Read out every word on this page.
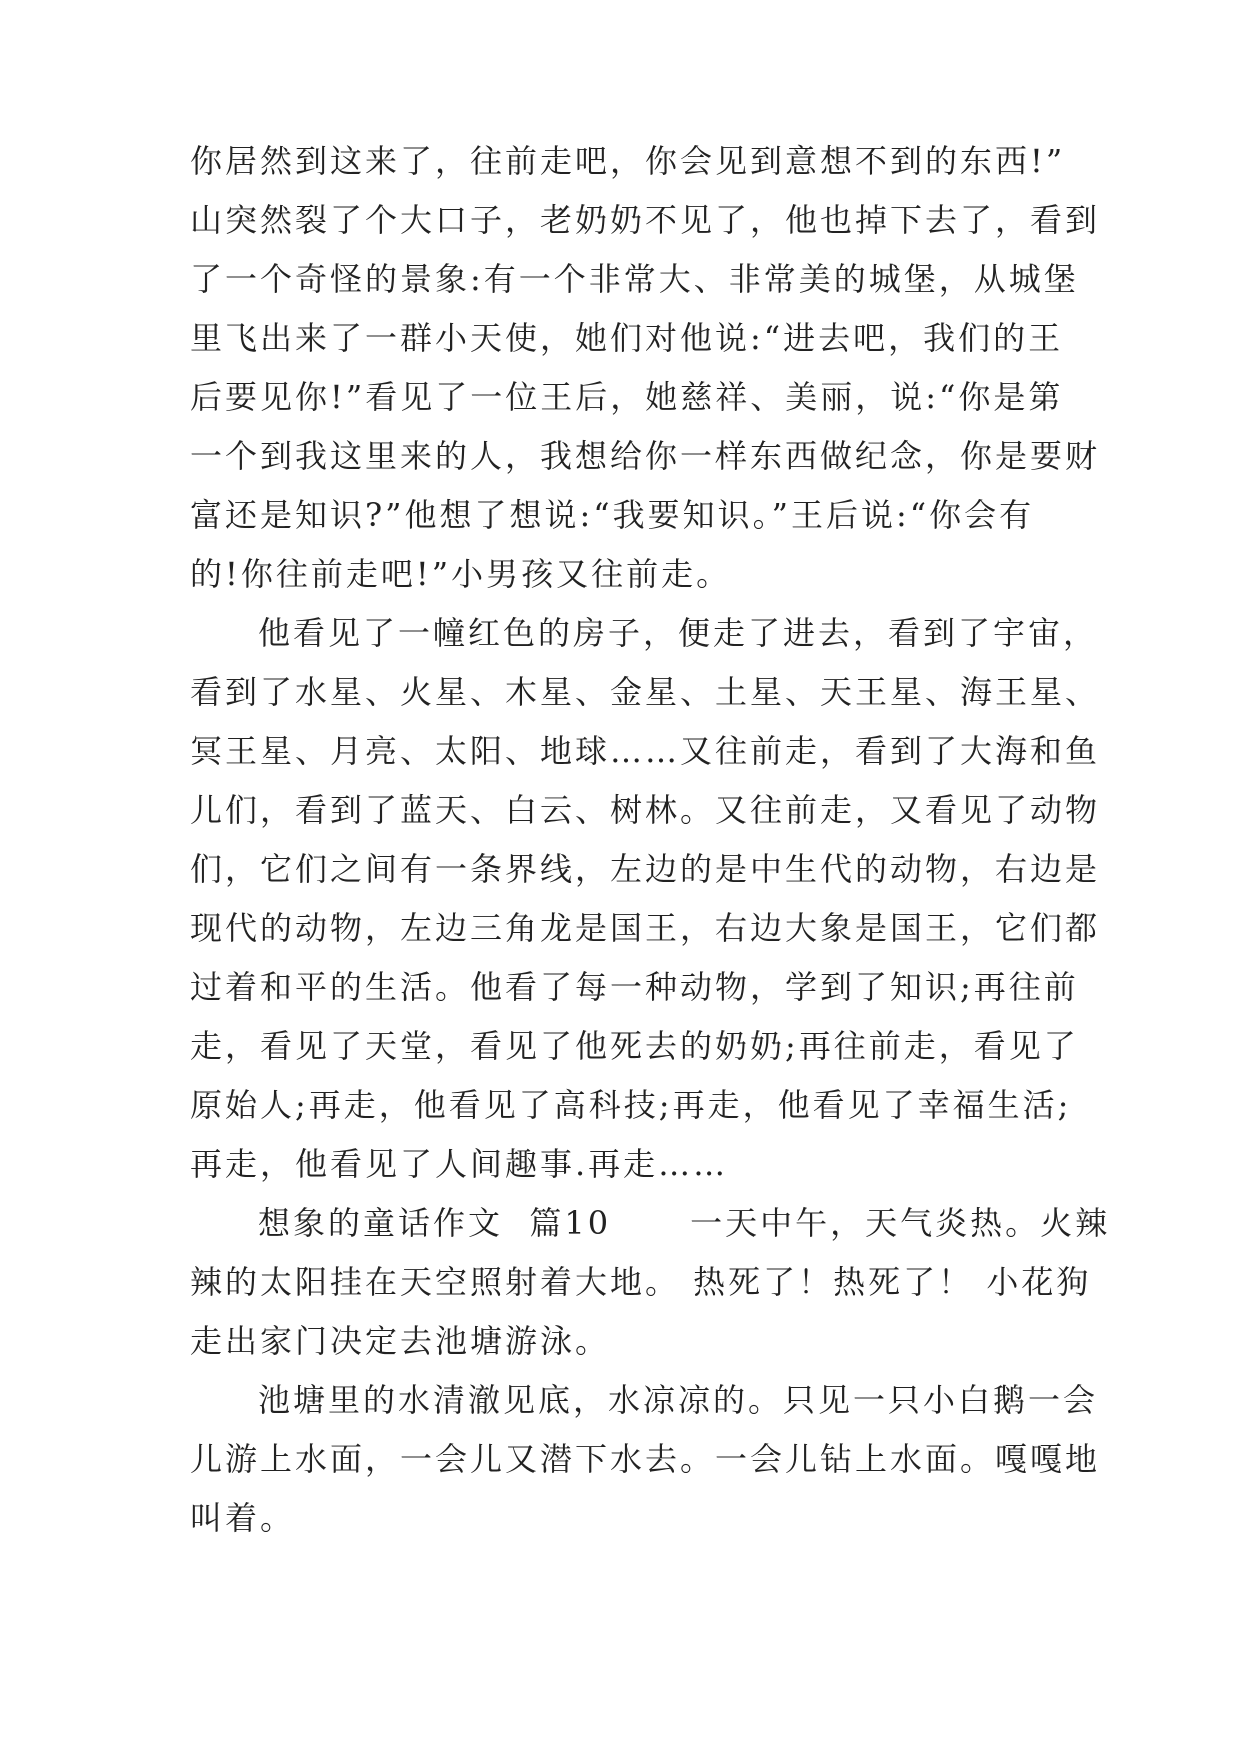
你居然到这来了，往前走吧，你会见到意想不到的东西!”
山突然裂了个大口子，老奶奶不见了，他也掉下去了，看到
了一个奇怪的景象:有一个非常大、非常美的城堡，从城堡
里飞出来了一群小天使，她们对他说:“进去吧，我们的王
后要见你!”看见了一位王后，她慈祥、美丽，说:“你是第
一个到我这里来的人，我想给你一样东西做纪念，你是要财
富还是知识?”他想了想说:“我要知识。”王后说:“你会有
的!你往前走吧!”小男孩又往前走。
他看见了一幢红色的房子，便走了进去，看到了宇宙，
看到了水星、火星、木星、金星、土星、天王星、海王星、
冥王星、月亮、太阳、地球……又往前走，看到了大海和鱼
儿们，看到了蓝天、白云、树林。又往前走，又看见了动物
们，它们之间有一条界线，左边的是中生代的动物，右边是
现代的动物，左边三角龙是国王，右边大象是国王，它们都
过着和平的生活。他看了每一种动物，学到了知识;再往前
走，看见了天堂，看见了他死去的奶奶;再往前走，看见了
原始人;再走，他看见了高科技;再走，他看见了幸福生活;
再走，他看见了人间趣事.再走……
想象的童话作文  篇10      一天中午，天气炎热。火辣
辣的太阳挂在天空照射着大地。 热死了！热死了！ 小花狗
走出家门决定去池塘游泳。
池塘里的水清澈见底，水凉凉的。只见一只小白鹅一会
儿游上水面，一会儿又潜下水去。一会儿钻上水面。嘎嘎地
叫着。
